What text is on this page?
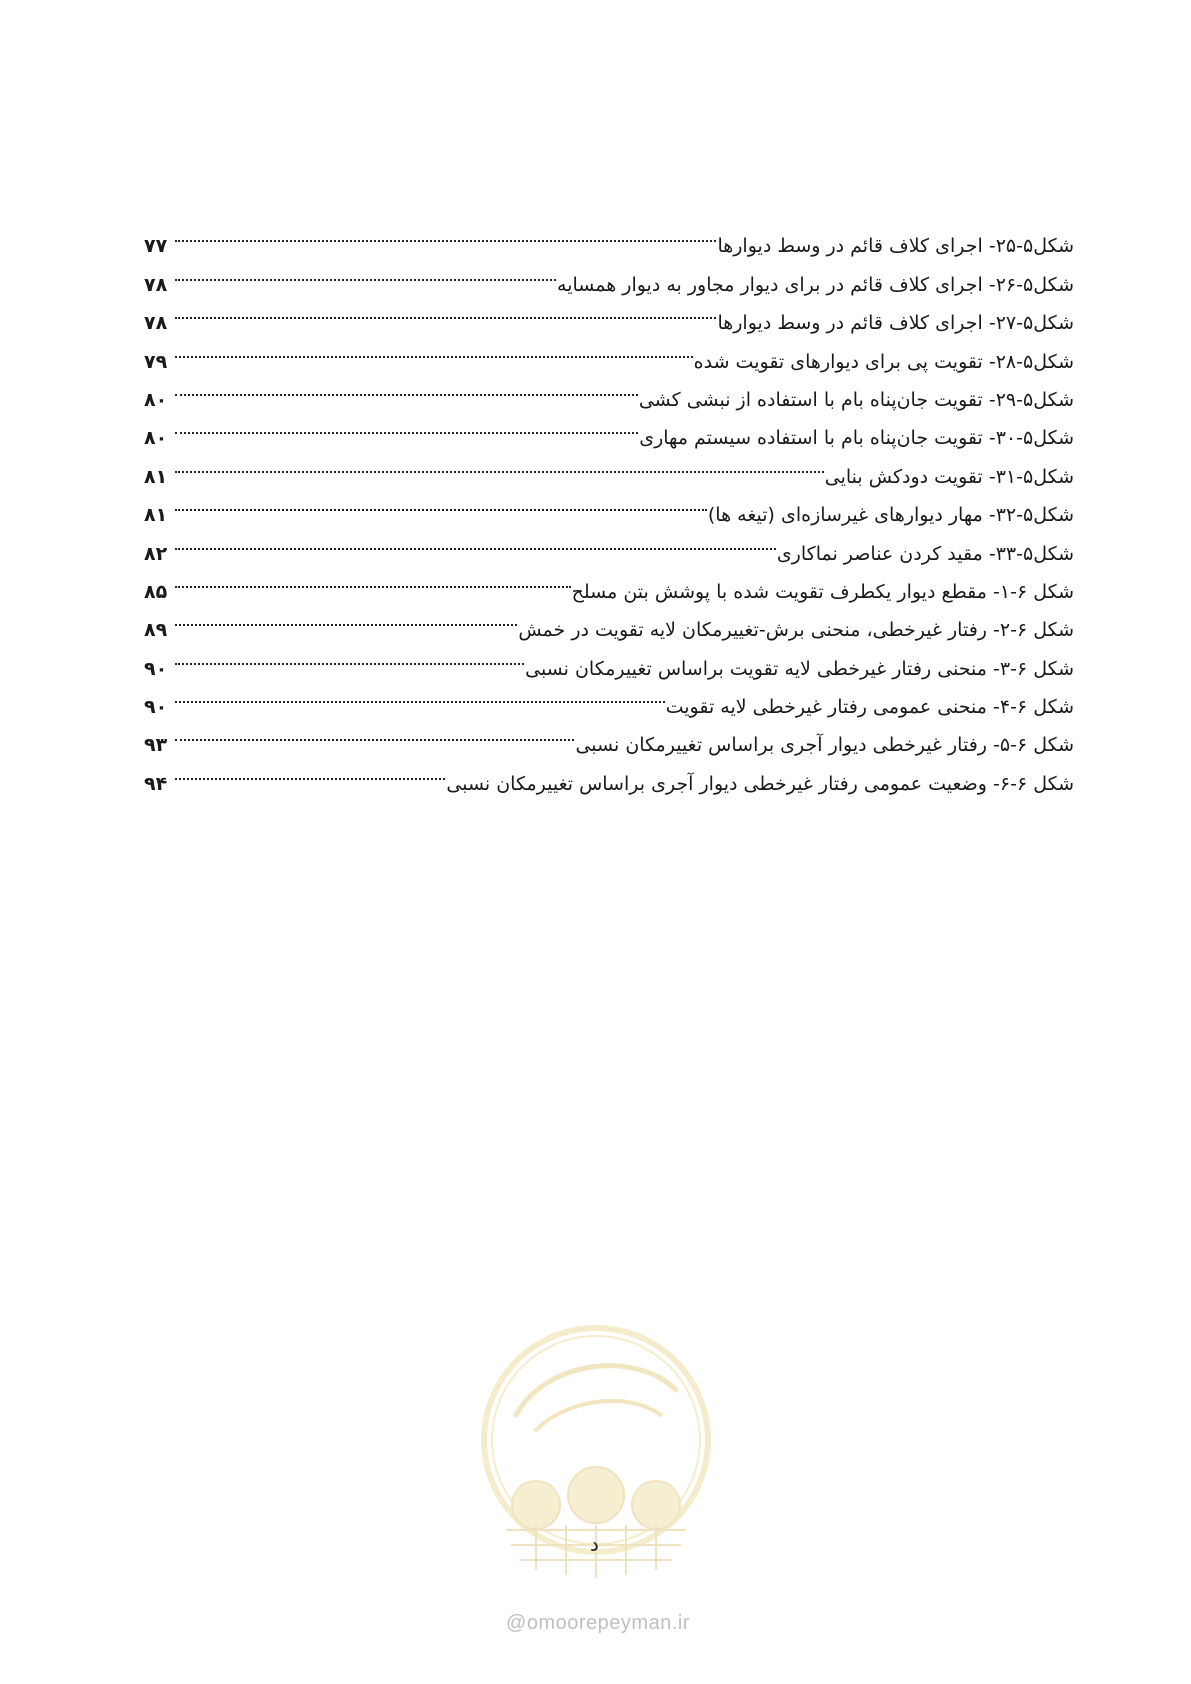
شکل۵-۲۵- اجرای کلاف قائم در وسط دیوارها
۷۷
شکل۵-۲۶- اجرای کلاف قائم در برای دیوار مجاور به دیوار همسایه
۷۸
شکل۵-۲۷- اجرای کلاف قائم در وسط دیوارها
۷۸
شکل۵-۲۸- تقویت پی برای دیوارهای تقویت شده
۷۹
شکل۵-۲۹- تقویت جان‌پناه بام با استفاده از نبشی کشی
۸۰
شکل۵-۳۰- تقویت جان‌پناه بام با استفاده سیستم مهاری
۸۰
شکل۵-۳۱- تقویت دودکش بنایی
۸۱
شکل۵-۳۲- مهار دیوارهای غیرسازه‌ای (تیغه ها)
۸۱
شکل۵-۳۳- مقید کردن عناصر نماکاری
۸۲
شکل ۶-۱- مقطع دیوار یکطرف تقویت شده با پوشش بتن مسلح
۸۵
شکل ۶-۲- رفتار غیرخطی، منحنی برش-تغییرمکان لایه تقویت در خمش
۸۹
شکل ۶-۳- منحنی رفتار غیرخطی لایه تقویت براساس تغییرمکان نسبی
۹۰
شکل ۶-۴- منحنی عمومی رفتار غیرخطی لایه تقویت
۹۰
شکل ۶-۵- رفتار غیرخطی دیوار آجری براساس تغییرمکان نسبی
۹۳
شکل ۶-۶- وضعیت عمومی رفتار غیرخطی دیوار آجری براساس تغییرمکان نسبی
۹۴
د
@omoorepeyman.ir
